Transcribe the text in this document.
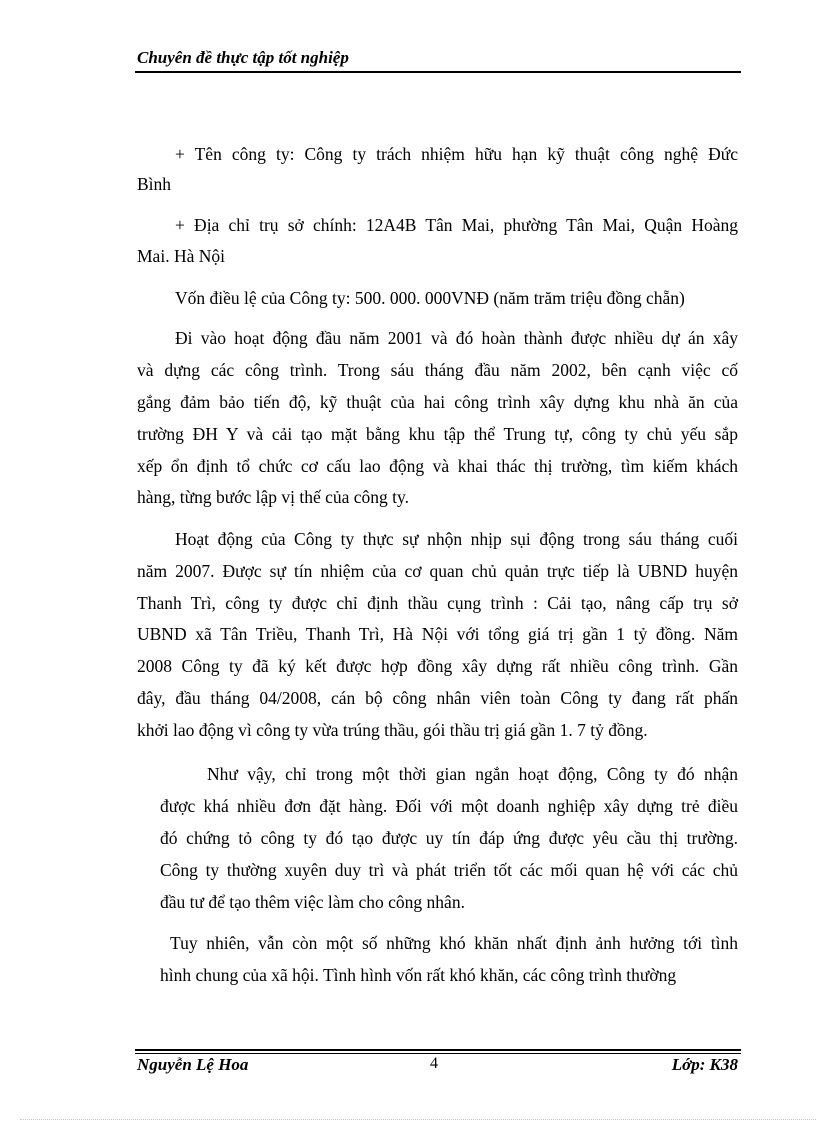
Chuyên đề thực tập tốt nghiệp
+ Tên công ty: Công ty trách nhiệm hữu hạn kỹ thuật công nghệ Đức
Bình
+ Địa chỉ trụ sở chính: 12A4B Tân Mai, phường Tân Mai, Quận Hoàng
Mai. Hà Nội
Vốn điều lệ của Công ty: 500. 000. 000VNĐ (năm trăm triệu đồng chẵn)
Đi vào hoạt động đầu năm 2001 và đó hoàn thành được nhiều dự án xây
và dựng các công trình. Trong sáu tháng đầu năm 2002, bên cạnh việc cố
gắng đảm bảo tiến độ, kỹ thuật của hai công trình xây dựng khu nhà ăn của
trường ĐH Y và cải tạo mặt bằng khu tập thể Trung tự, công ty chủ yếu sắp
xếp ổn định tổ chức cơ cấu lao động và khai thác thị trường, tìm kiếm khách
hàng, từng bước lập vị thế của công ty.
Hoạt động của Công ty thực sự nhộn nhịp sụi động trong sáu tháng cuối
năm 2007. Được sự tín nhiệm của cơ quan chủ quản trực tiếp là UBND huyện
Thanh Trì, công ty được chỉ định thầu cụng trình : Cải tạo, nâng cấp trụ sở
UBND xã Tân Triều, Thanh Trì, Hà Nội với tổng giá trị gần 1 tỷ đồng. Năm
2008 Công ty đã ký kết được hợp đồng xây dựng rất nhiều công trình. Gần
đây, đầu tháng 04/2008, cán bộ công nhân viên toàn Công ty đang rất phấn
khởi lao động vì công ty vừa trúng thầu, gói thầu trị giá gần 1. 7 tỷ đồng.
Như vậy, chỉ trong một thời gian ngắn hoạt động, Công ty đó nhận
được khá nhiều đơn đặt hàng. Đối với một doanh nghiệp xây dựng trẻ điều
đó chứng tỏ công ty đó tạo được uy tín đáp ứng được yêu cầu thị trường.
Công ty thường xuyên duy trì và phát triển tốt các mối quan hệ với các chủ
đầu tư để tạo thêm việc làm cho công nhân.
Tuy nhiên, vẫn còn một số những khó khăn nhất định ảnh hưởng tới tình
hình chung của xã hội. Tình hình vốn rất khó khăn, các công trình thường
Nguyễn Lệ Hoa	4	Lớp: K38
